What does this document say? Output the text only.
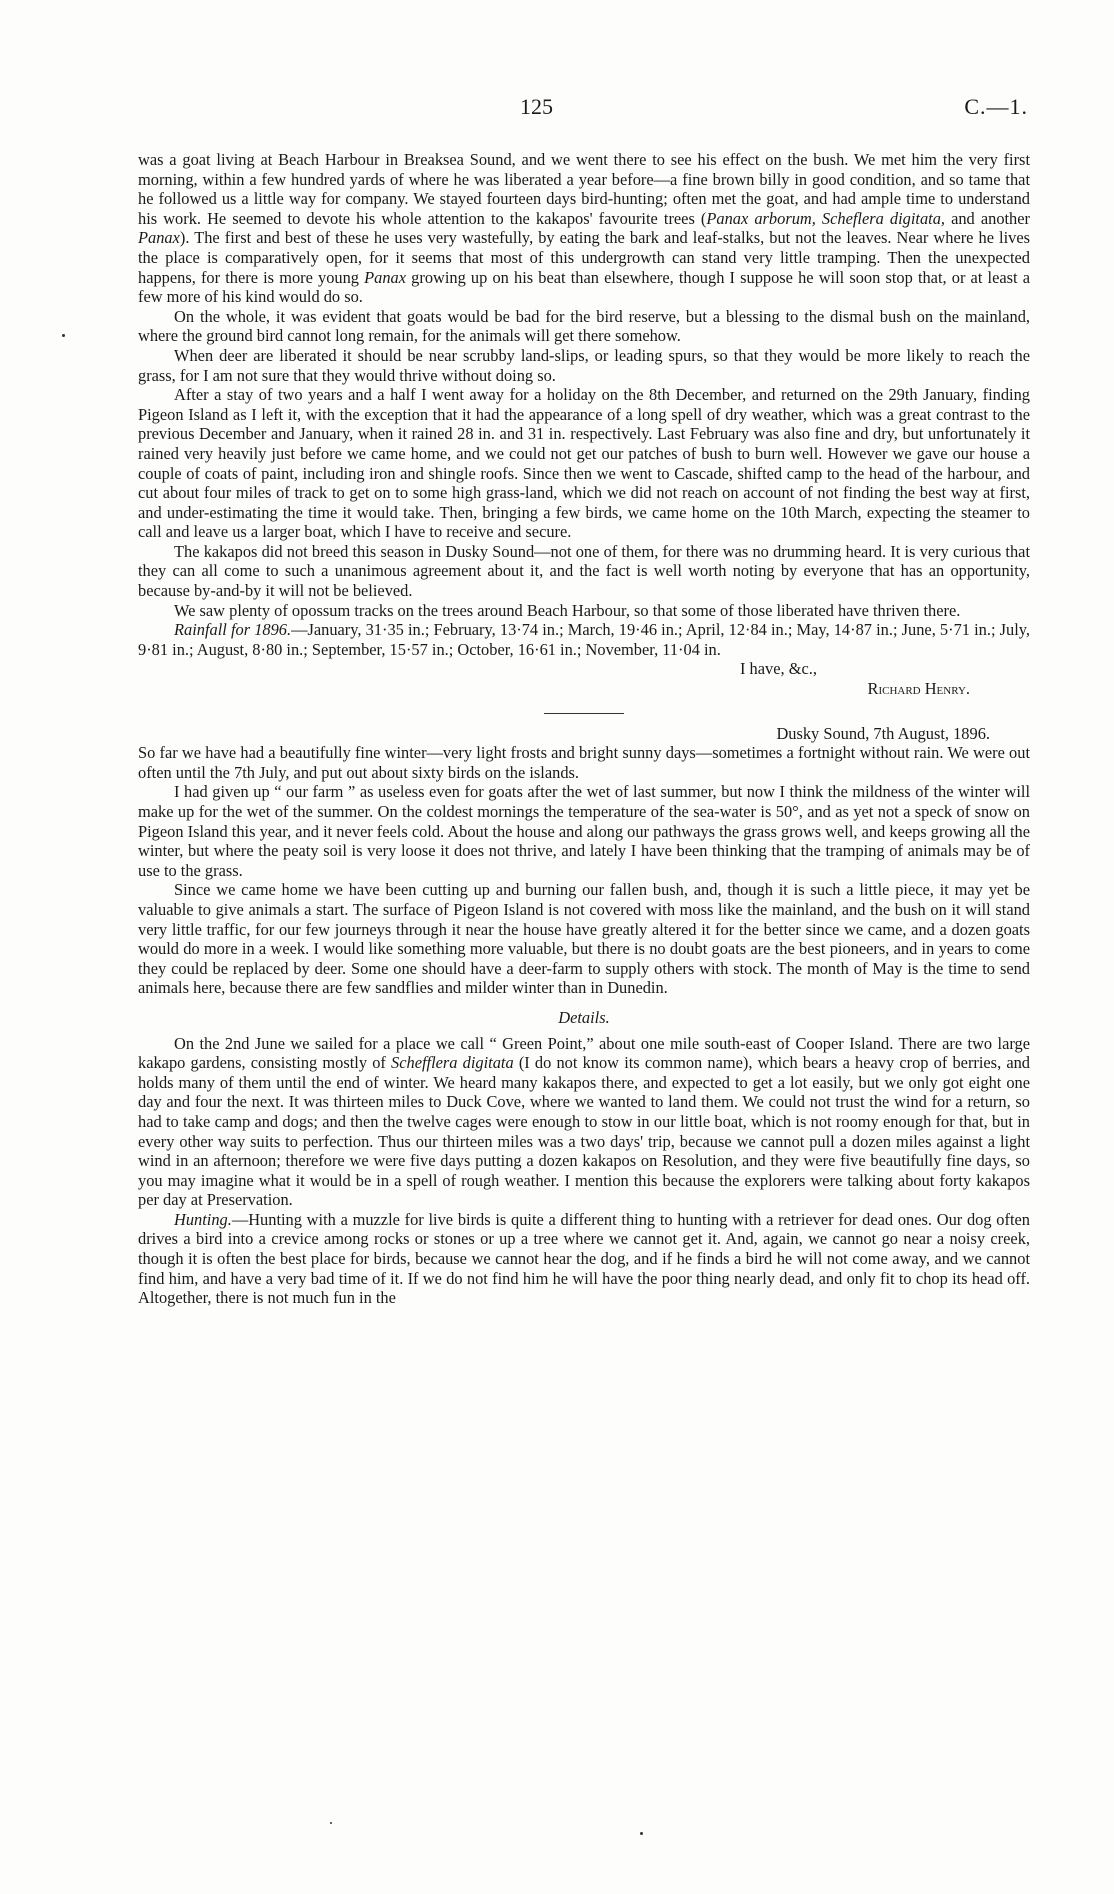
125	C.—1.

was a goat living at Beach Harbour in Breaksea Sound, and we went there to see his effect on the bush. We met him the very first morning, within a few hundred yards of where he was liberated a year before—a fine brown billy in good condition, and so tame that he followed us a little way for company. We stayed fourteen days bird-hunting; often met the goat, and had ample time to understand his work. He seemed to devote his whole attention to the kakapos' favourite trees (Panax arborum, Scheflera digitata, and another Panax). The first and best of these he uses very wastefully, by eating the bark and leaf-stalks, but not the leaves. Near where he lives the place is comparatively open, for it seems that most of this undergrowth can stand very little tramping. Then the unexpected happens, for there is more young Panax growing up on his beat than elsewhere, though I suppose he will soon stop that, or at least a few more of his kind would do so.

On the whole, it was evident that goats would be bad for the bird reserve, but a blessing to the dismal bush on the mainland, where the ground bird cannot long remain, for the animals will get there somehow.

When deer are liberated it should be near scrubby land-slips, or leading spurs, so that they would be more likely to reach the grass, for I am not sure that they would thrive without doing so.

After a stay of two years and a half I went away for a holiday on the 8th December, and returned on the 29th January, finding Pigeon Island as I left it, with the exception that it had the appearance of a long spell of dry weather, which was a great contrast to the previous December and January, when it rained 28 in. and 31 in. respectively. Last February was also fine and dry, but unfortunately it rained very heavily just before we came home, and we could not get our patches of bush to burn well. However we gave our house a couple of coats of paint, including iron and shingle roofs. Since then we went to Cascade, shifted camp to the head of the harbour, and cut about four miles of track to get on to some high grass-land, which we did not reach on account of not finding the best way at first, and under-estimating the time it would take. Then, bringing a few birds, we came home on the 10th March, expecting the steamer to call and leave us a larger boat, which I have to receive and secure.

The kakapos did not breed this season in Dusky Sound—not one of them, for there was no drumming heard. It is very curious that they can all come to such a unanimous agreement about it, and the fact is well worth noting by everyone that has an opportunity, because by-and-by it will not be believed.

We saw plenty of opossum tracks on the trees around Beach Harbour, so that some of those liberated have thriven there.

Rainfall for 1896.—January, 31·35 in.; February, 13·74 in.; March, 19·46 in.; April, 12·84 in.; May, 14·87 in.; June, 5·71 in.; July, 9·81 in.; August, 8·80 in.; September, 15·57 in.; October, 16·61 in.; November, 11·04 in.

I have, &c.,
Richard Henry.
Dusky Sound, 7th August, 1896.

So far we have had a beautifully fine winter—very light frosts and bright sunny days—sometimes a fortnight without rain. We were out often until the 7th July, and put out about sixty birds on the islands.

I had given up “ our farm ” as useless even for goats after the wet of last summer, but now I think the mildness of the winter will make up for the wet of the summer. On the coldest mornings the temperature of the sea-water is 50°, and as yet not a speck of snow on Pigeon Island this year, and it never feels cold. About the house and along our pathways the grass grows well, and keeps growing all the winter, but where the peaty soil is very loose it does not thrive, and lately I have been thinking that the tramping of animals may be of use to the grass.

Since we came home we have been cutting up and burning our fallen bush, and, though it is such a little piece, it may yet be valuable to give animals a start. The surface of Pigeon Island is not covered with moss like the mainland, and the bush on it will stand very little traffic, for our few journeys through it near the house have greatly altered it for the better since we came, and a dozen goats would do more in a week. I would like something more valuable, but there is no doubt goats are the best pioneers, and in years to come they could be replaced by deer. Some one should have a deer-farm to supply others with stock. The month of May is the time to send animals here, because there are few sandflies and milder winter than in Dunedin.

Details.

On the 2nd June we sailed for a place we call “ Green Point,” about one mile south-east of Cooper Island. There are two large kakapo gardens, consisting mostly of Schefflera digitata (I do not know its common name), which bears a heavy crop of berries, and holds many of them until the end of winter. We heard many kakapos there, and expected to get a lot easily, but we only got eight one day and four the next. It was thirteen miles to Duck Cove, where we wanted to land them. We could not trust the wind for a return, so had to take camp and dogs; and then the twelve cages were enough to stow in our little boat, which is not roomy enough for that, but in every other way suits to perfection. Thus our thirteen miles was a two days' trip, because we cannot pull a dozen miles against a light wind in an afternoon; therefore we were five days putting a dozen kakapos on Resolution, and they were five beautifully fine days, so you may imagine what it would be in a spell of rough weather. I mention this because the explorers were talking about forty kakapos per day at Preservation.

Hunting.—Hunting with a muzzle for live birds is quite a different thing to hunting with a retriever for dead ones. Our dog often drives a bird into a crevice among rocks or stones or up a tree where we cannot get it. And, again, we cannot go near a noisy creek, though it is often the best place for birds, because we cannot hear the dog, and if he finds a bird he will not come away, and we cannot find him, and have a very bad time of it. If we do not find him he will have the poor thing nearly dead, and only fit to chop its head off. Altogether, there is not much fun in the
